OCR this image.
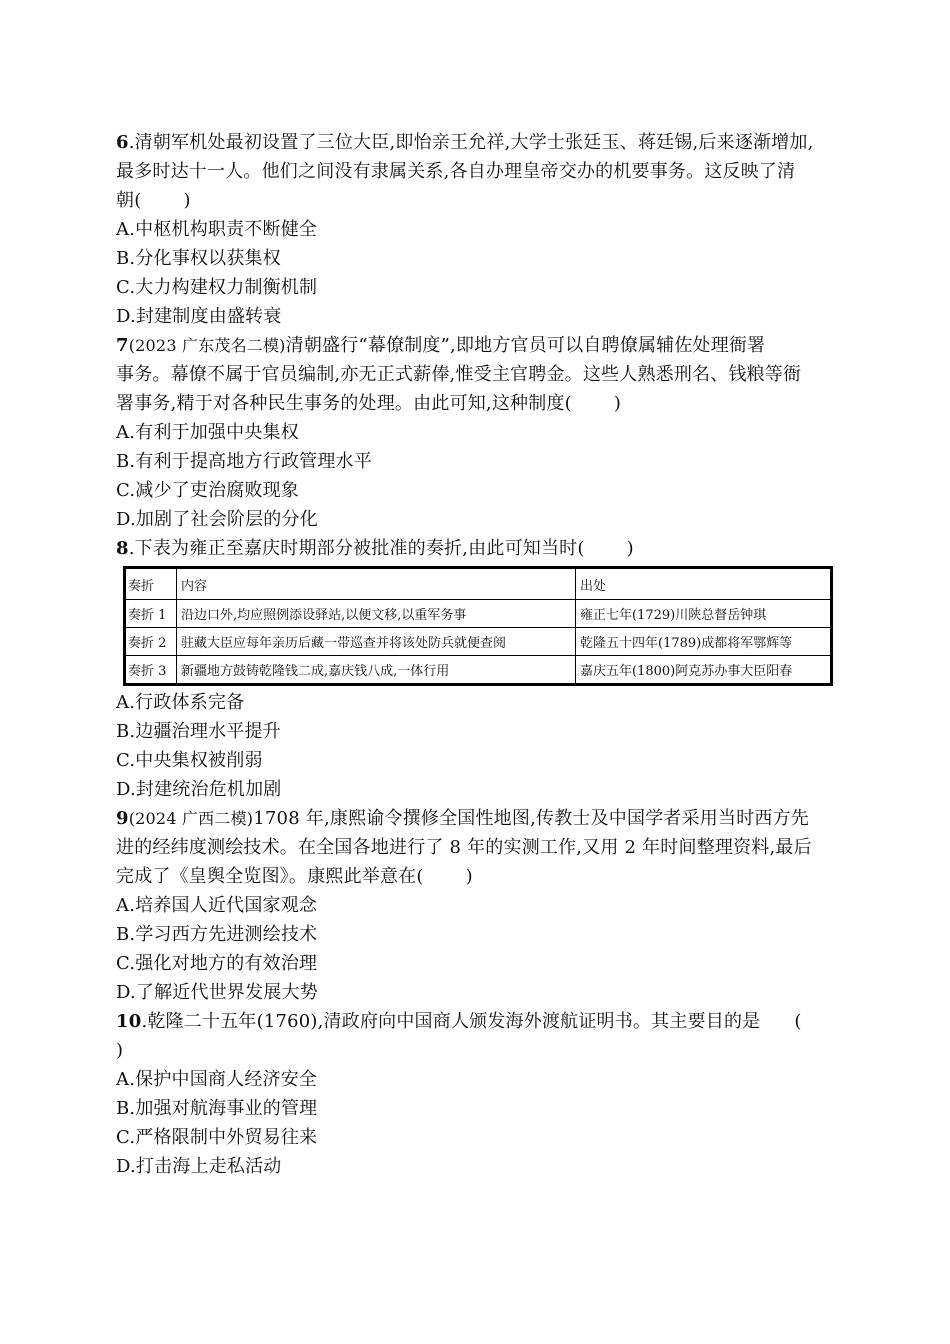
6.清朝军机处最初设置了三位大臣,即怡亲王允祥,大学士张廷玉、蒋廷锡,后来逐渐增加,
最多时达十一人。他们之间没有隶属关系,各自办理皇帝交办的机要事务。这反映了清
朝( )
A.中枢机构职责不断健全
B.分化事权以获集权
C.大力构建权力制衡机制
D.封建制度由盛转衰
7(2023 广东茂名二模)清朝盛行“幕僚制度”,即地方官员可以自聘僚属辅佐处理衙署
事务。幕僚不属于官员编制,亦无正式薪俸,惟受主官聘金。这些人熟悉刑名、钱粮等衙
署事务,精于对各种民生事务的处理。由此可知,这种制度( )
A.有利于加强中央集权
B.有利于提高地方行政管理水平
C.减少了吏治腐败现象
D.加剧了社会阶层的分化
8.下表为雍正至嘉庆时期部分被批准的奏折,由此可知当时( )
奏折	内容	出处
奏折 1	沿边口外,均应照例添设驿站,以便文移,以重军务事	雍正七年(1729)川陕总督岳钟琪
奏折 2	驻藏大臣应每年亲历后藏一带巡查并将该处防兵就便查阅	乾隆五十四年(1789)成都将军鄂辉等
奏折 3	新疆地方鼓铸乾隆钱二成,嘉庆钱八成,一体行用	嘉庆五年(1800)阿克苏办事大臣阳春
A.行政体系完备
B.边疆治理水平提升
C.中央集权被削弱
D.封建统治危机加剧
9(2024 广西二模)1708 年,康熙谕令撰修全国性地图,传教士及中国学者采用当时西方先
进的经纬度测绘技术。在全国各地进行了 8 年的实测工作,又用 2 年时间整理资料,最后
完成了《皇舆全览图》。康熙此举意在( )
A.培养国人近代国家观念
B.学习西方先进测绘技术
C.强化对地方的有效治理
D.了解近代世界发展大势
10.乾隆二十五年(1760),清政府向中国商人颁发海外渡航证明书。其主要目的是 (
)
A.保护中国商人经济安全
B.加强对航海事业的管理
C.严格限制中外贸易往来
D.打击海上走私活动
